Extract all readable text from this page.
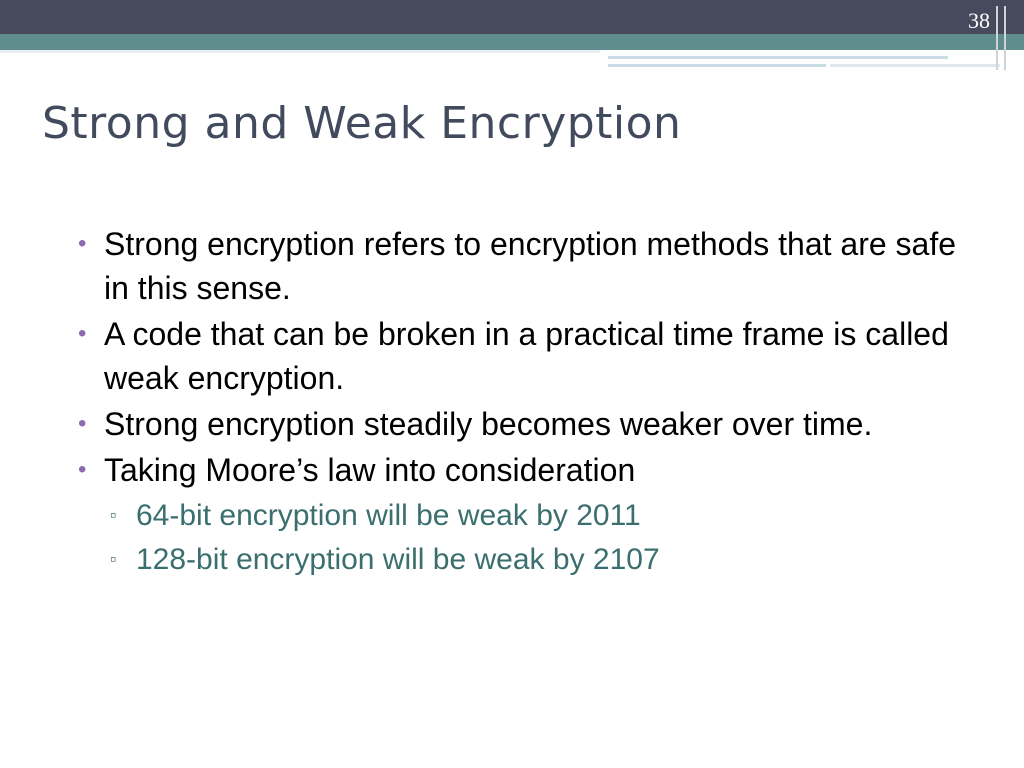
38
Strong and Weak Encryption
• Strong encryption refers to encryption methods that are safe in this sense.
• A code that can be broken in a practical time frame is called weak encryption.
• Strong encryption steadily becomes weaker over time.
• Taking Moore’s law into consideration
▫ 64-bit encryption will be weak by 2011
▫ 128-bit encryption will be weak by 2107
